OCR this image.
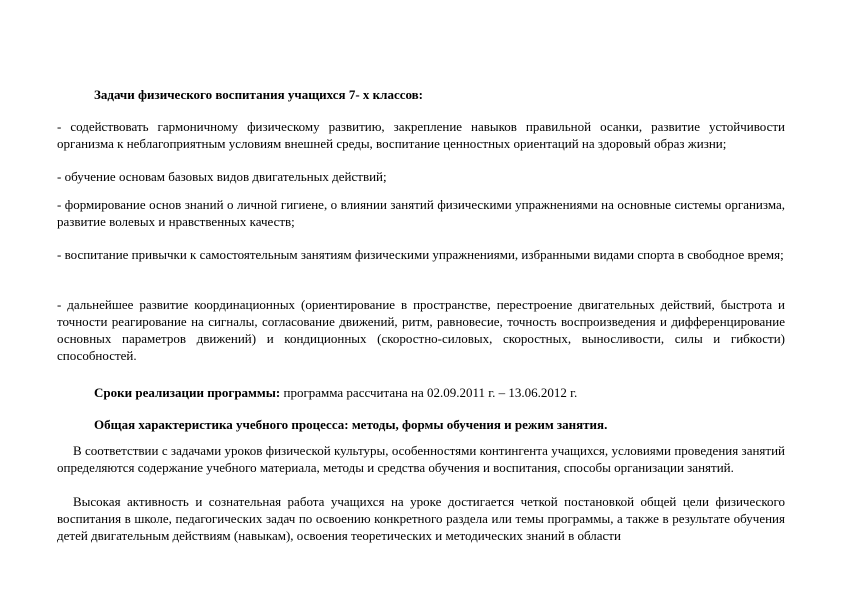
Задачи физического воспитания учащихся 7- х классов:

- содействовать гармоничному физическому развитию, закрепление навыков правильной осанки, развитие устойчивости организма к неблагоприятным условиям внешней среды, воспитание ценностных ориентаций на здоровый образ жизни;

- обучение основам базовых видов двигательных действий;

- формирование основ знаний о личной гигиене, о влиянии занятий физическими упражнениями на основные системы организма, развитие волевых и нравственных качеств;

- воспитание привычки к самостоятельным занятиям физическими упражнениями, избранными видами спорта в свободное время;

- дальнейшее развитие координационных (ориентирование в пространстве, перестроение двигательных действий, быстрота и точности реагирование на сигналы, согласование движений, ритм, равновесие, точность воспроизведения и дифференцирование основных параметров движений) и кондиционных (скоростно-силовых, скоростных, выносливости, силы и гибкости) способностей.

Сроки реализации программы: программа рассчитана на 02.09.2011 г. – 13.06.2012 г.
Общая характеристика учебного процесса: методы, формы обучения и режим занятия.

В соответствии с задачами уроков физической культуры, особенностями контингента учащихся, условиями проведения занятий определяются содержание учебного материала, методы и средства обучения и воспитания, способы организации занятий.

Высокая активность и сознательная работа учащихся на уроке достигается четкой постановкой общей цели физического воспитания в школе, педагогических задач по освоению конкретного раздела или темы программы, а также в результате обучения детей двигательным действиям (навыкам), освоения теоретических и методических знаний в области
